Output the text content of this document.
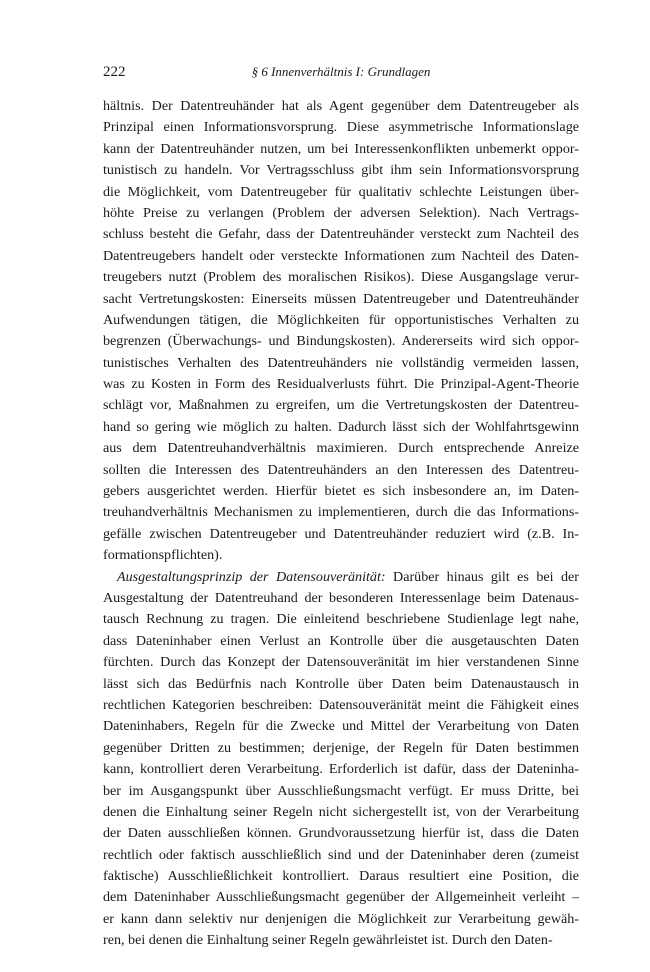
222	§ 6 Innenverhältnis I: Grundlagen
hältnis. Der Datentreuhänder hat als Agent gegenüber dem Datentreugeber als
Prinzipal einen Informationsvorsprung. Diese asymmetrische Informationslage
kann der Datentreuhänder nutzen, um bei Interessenkonflikten unbemerkt oppor-
tunistisch zu handeln. Vor Vertragsschluss gibt ihm sein Informationsvorsprung
die Möglichkeit, vom Datentreugeber für qualitativ schlechte Leistungen über-
höhte Preise zu verlangen (Problem der adversen Selektion). Nach Vertrags-
schluss besteht die Gefahr, dass der Datentreuhänder versteckt zum Nachteil des
Datentreugebers handelt oder versteckte Informationen zum Nachteil des Daten-
treugebers nutzt (Problem des moralischen Risikos). Diese Ausgangslage verur-
sacht Vertretungskosten: Einerseits müssen Datentreugeber und Datentreuhänder
Aufwendungen tätigen, die Möglichkeiten für opportunistisches Verhalten zu
begrenzen (Überwachungs- und Bindungskosten). Andererseits wird sich oppor-
tunistisches Verhalten des Datentreuhänders nie vollständig vermeiden lassen,
was zu Kosten in Form des Residualverlusts führt. Die Prinzipal-Agent-Theorie
schlägt vor, Maßnahmen zu ergreifen, um die Vertretungskosten der Datentreu-
hand so gering wie möglich zu halten. Dadurch lässt sich der Wohlfahrtsgewinn
aus dem Datentreuhandverhältnis maximieren. Durch entsprechende Anreize
sollten die Interessen des Datentreuhänders an den Interessen des Datentreu-
gebers ausgerichtet werden. Hierfür bietet es sich insbesondere an, im Daten-
treuhandverhältnis Mechanismen zu implementieren, durch die das Informations-
gefälle zwischen Datentreugeber und Datentreuhänder reduziert wird (z.B. In-
formationspflichten).
Ausgestaltungsprinzip der Datensouveränität: Darüber hinaus gilt es bei der
Ausgestaltung der Datentreuhand der besonderen Interessenlage beim Datenaus-
tausch Rechnung zu tragen. Die einleitend beschriebene Studienlage legt nahe,
dass Dateninhaber einen Verlust an Kontrolle über die ausgetauschten Daten
fürchten. Durch das Konzept der Datensouveränität im hier verstandenen Sinne
lässt sich das Bedürfnis nach Kontrolle über Daten beim Datenaustausch in
rechtlichen Kategorien beschreiben: Datensouveränität meint die Fähigkeit eines
Dateninhabers, Regeln für die Zwecke und Mittel der Verarbeitung von Daten
gegenüber Dritten zu bestimmen; derjenige, der Regeln für Daten bestimmen
kann, kontrolliert deren Verarbeitung. Erforderlich ist dafür, dass der Dateninha-
ber im Ausgangspunkt über Ausschließungsmacht verfügt. Er muss Dritte, bei
denen die Einhaltung seiner Regeln nicht sichergestellt ist, von der Verarbeitung
der Daten ausschließen können. Grundvoraussetzung hierfür ist, dass die Daten
rechtlich oder faktisch ausschließlich sind und der Dateninhaber deren (zumeist
faktische) Ausschließlichkeit kontrolliert. Daraus resultiert eine Position, die
dem Dateninhaber Ausschließungsmacht gegenüber der Allgemeinheit verleiht –
er kann dann selektiv nur denjenigen die Möglichkeit zur Verarbeitung gewäh-
ren, bei denen die Einhaltung seiner Regeln gewährleistet ist. Durch den Daten-
